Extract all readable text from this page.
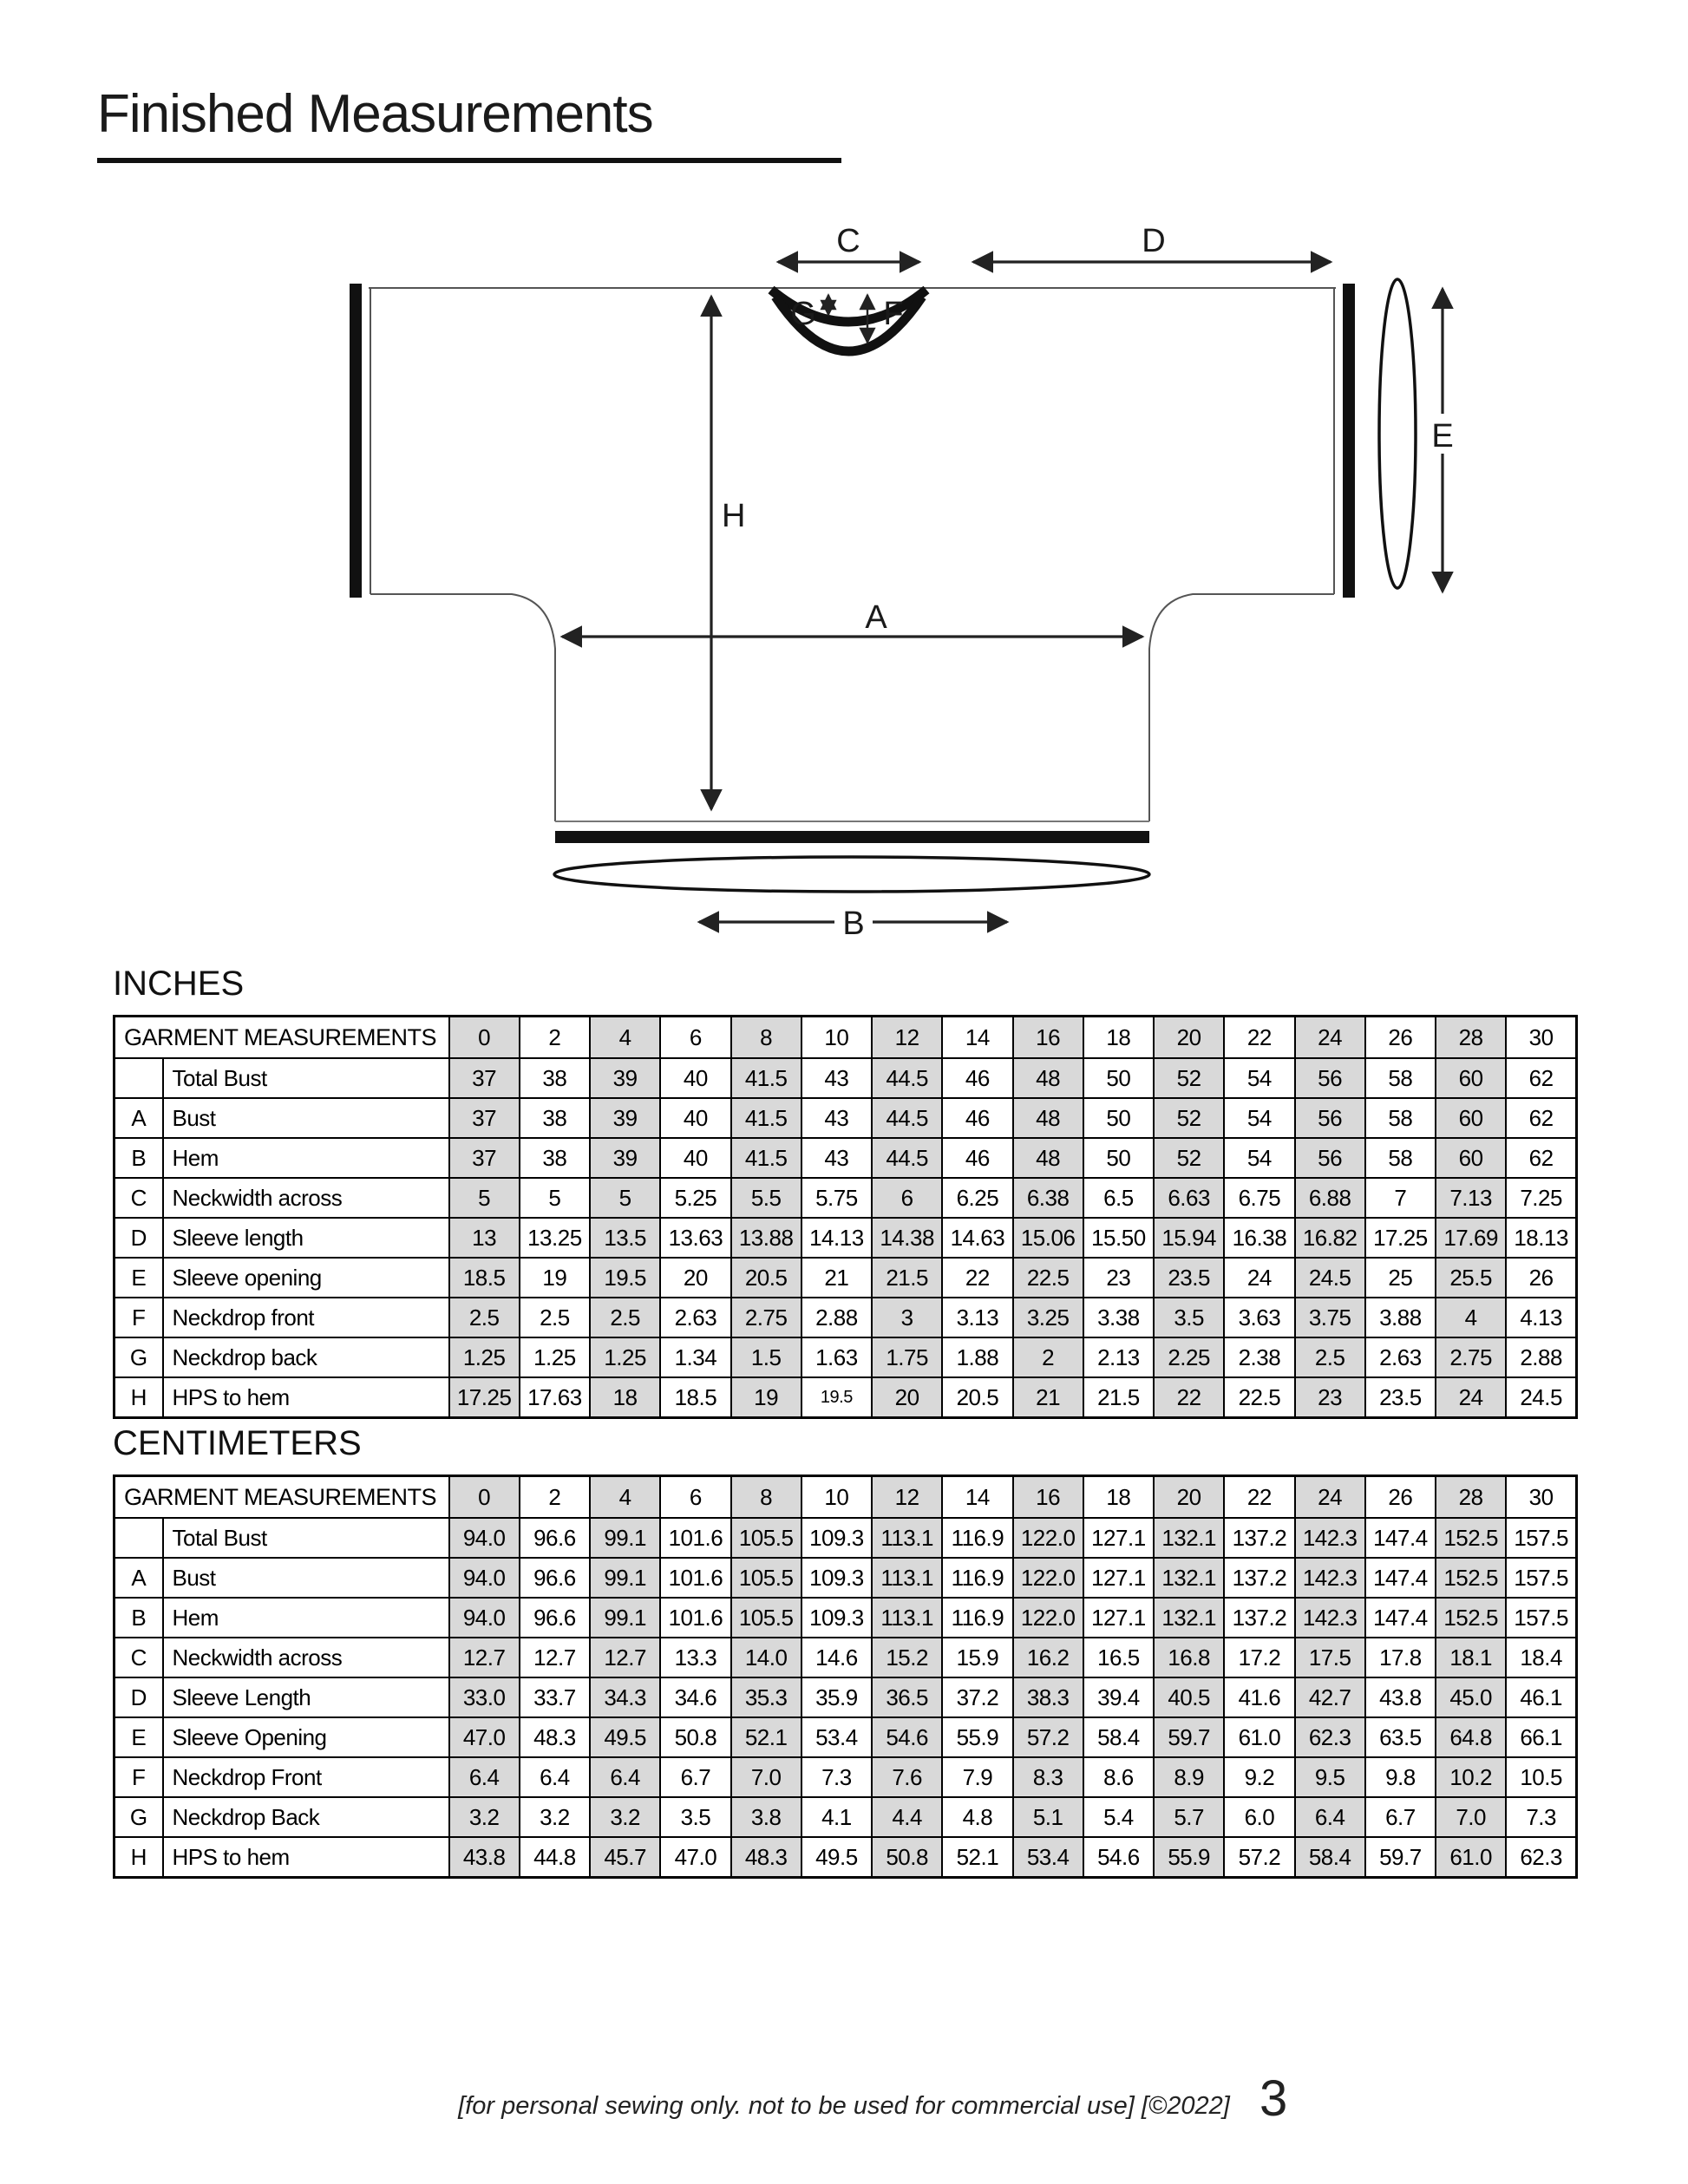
Finished Measurements
C	D
G F
H
A
E
B
INCHES
GARMENT MEASUREMENTS		0	2	4	6	8	10	12	14	16	18	20	22	24	26	28	30
	Total Bust	37	38	39	40	41.5	43	44.5	46	48	50	52	54	56	58	60	62
A	Bust	37	38	39	40	41.5	43	44.5	46	48	50	52	54	56	58	60	62
B	Hem	37	38	39	40	41.5	43	44.5	46	48	50	52	54	56	58	60	62
C	Neckwidth across	5	5	5	5.25	5.5	5.75	6	6.25	6.38	6.5	6.63	6.75	6.88	7	7.13	7.25
D	Sleeve length	13	13.25	13.5	13.63	13.88	14.13	14.38	14.63	15.06	15.50	15.94	16.38	16.82	17.25	17.69	18.13
E	Sleeve opening	18.5	19	19.5	20	20.5	21	21.5	22	22.5	23	23.5	24	24.5	25	25.5	26
F	Neckdrop front	2.5	2.5	2.5	2.63	2.75	2.88	3	3.13	3.25	3.38	3.5	3.63	3.75	3.88	4	4.13
G	Neckdrop back	1.25	1.25	1.25	1.34	1.5	1.63	1.75	1.88	2	2.13	2.25	2.38	2.5	2.63	2.75	2.88
H	HPS to hem	17.25	17.63	18	18.5	19	19.5	20	20.5	21	21.5	22	22.5	23	23.5	24	24.5
CENTIMETERS
GARMENT MEASUREMENTS		0	2	4	6	8	10	12	14	16	18	20	22	24	26	28	30
	Total Bust	94.0	96.6	99.1	101.6	105.5	109.3	113.1	116.9	122.0	127.1	132.1	137.2	142.3	147.4	152.5	157.5
A	Bust	94.0	96.6	99.1	101.6	105.5	109.3	113.1	116.9	122.0	127.1	132.1	137.2	142.3	147.4	152.5	157.5
B	Hem	94.0	96.6	99.1	101.6	105.5	109.3	113.1	116.9	122.0	127.1	132.1	137.2	142.3	147.4	152.5	157.5
C	Neckwidth across	12.7	12.7	12.7	13.3	14.0	14.6	15.2	15.9	16.2	16.5	16.8	17.2	17.5	17.8	18.1	18.4
D	Sleeve Length	33.0	33.7	34.3	34.6	35.3	35.9	36.5	37.2	38.3	39.4	40.5	41.6	42.7	43.8	45.0	46.1
E	Sleeve Opening	47.0	48.3	49.5	50.8	52.1	53.4	54.6	55.9	57.2	58.4	59.7	61.0	62.3	63.5	64.8	66.1
F	Neckdrop Front	6.4	6.4	6.4	6.7	7.0	7.3	7.6	7.9	8.3	8.6	8.9	9.2	9.5	9.8	10.2	10.5
G	Neckdrop Back	3.2	3.2	3.2	3.5	3.8	4.1	4.4	4.8	5.1	5.4	5.7	6.0	6.4	6.7	7.0	7.3
H	HPS to hem	43.8	44.8	45.7	47.0	48.3	49.5	50.8	52.1	53.4	54.6	55.9	57.2	58.4	59.7	61.0	62.3
[for personal sewing only. not to be used for commercial use] [©2022] 3
